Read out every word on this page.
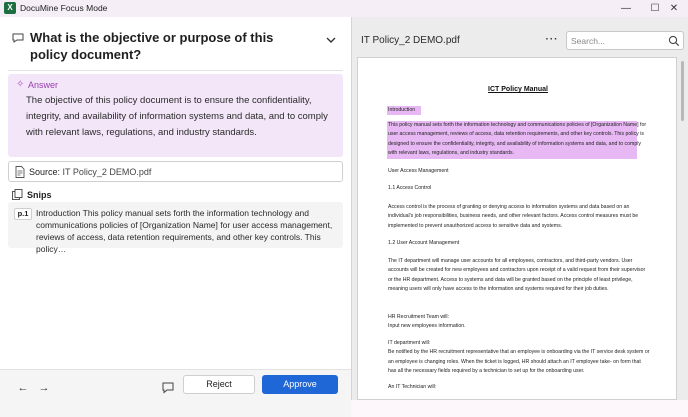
X DocuMine Focus Mode	—	☐	✕
What is the objective or purpose of this policy document?
✧ Answer
The objective of this policy document is to ensure the confidentiality, integrity, and availability of information systems and data, and to comply with relevant laws, regulations, and industry standards.
Source: IT Policy_2 DEMO.pdf
Snips
p.1 Introduction This policy manual sets forth the information technology and communications policies of [Organization Name] for user access management, reviews of access, data retention requirements, and other key controls. This policy…
← →	Reject	Approve
IT Policy_2 DEMO.pdf	···
Search...
ICT Policy Manual
Introduction
This policy manual sets forth the information technology and communications policies of [Organization Name] for user access management, reviews of access, data retention requirements, and other key controls. This policy is designed to ensure the confidentiality, integrity, and availability of information systems and data, and to comply with relevant laws, regulations, and industry standards.
User Access Management
1.1 Access Control
Access control is the process of granting or denying access to information systems and data based on an individual's job responsibilities, business needs, and other relevant factors. Access control measures must be implemented to prevent unauthorized access to sensitive data and systems.
1.2 User Account Management
The IT department will manage user accounts for all employees, contractors, and third-party vendors. User accounts will be created for new employees and contractors upon receipt of a valid request from their supervisor or the HR department. Access to systems and data will be granted based on the principle of least privilege, meaning users will only have access to the information and systems required for their job duties.
HR Recruitment Team will:
Input new employees information.
IT department will:
Be notified by the HR recruitment representative that an employee is onboarding via the IT service desk system or an employee is changing roles. When the ticket is logged, HR should attach an IT employee take- on form that has all the necessary fields required by a technician to set up for the onboarding user.
An IT Technician will:
